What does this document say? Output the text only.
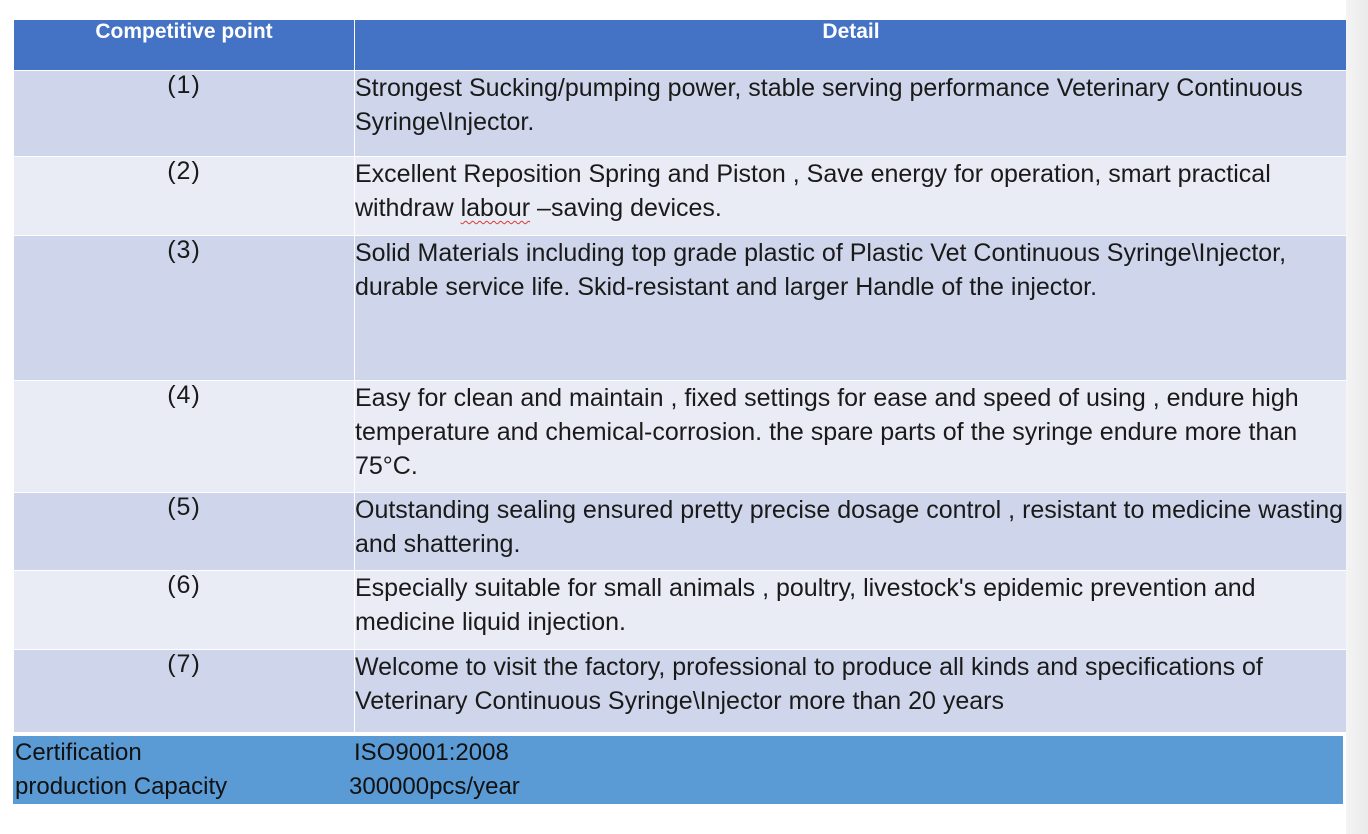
Competitive point	Detail
(1)	Strongest Sucking/pumping power, stable serving performance Veterinary Continuous Syringe\Injector.
(2)	Excellent Reposition Spring and Piston , Save energy for operation, smart practical withdraw labour –saving devices.
(3)	Solid Materials including top grade plastic of Plastic Vet Continuous Syringe\Injector, durable service life. Skid-resistant and larger Handle of the injector.
(4)	Easy for clean and maintain , fixed settings for ease and speed of using , endure high temperature and chemical-corrosion. the spare parts of the syringe endure more than 75°C.
(5)	Outstanding sealing ensured pretty precise dosage control , resistant to medicine wasting and shattering.
(6)	Especially suitable for small animals , poultry, livestock's epidemic prevention and medicine liquid injection.
(7)	Welcome to visit the factory, professional to produce all kinds and specifications of Veterinary Continuous Syringe\Injector more than 20 years
Certification	ISO9001:2008
production Capacity	300000pcs/year
